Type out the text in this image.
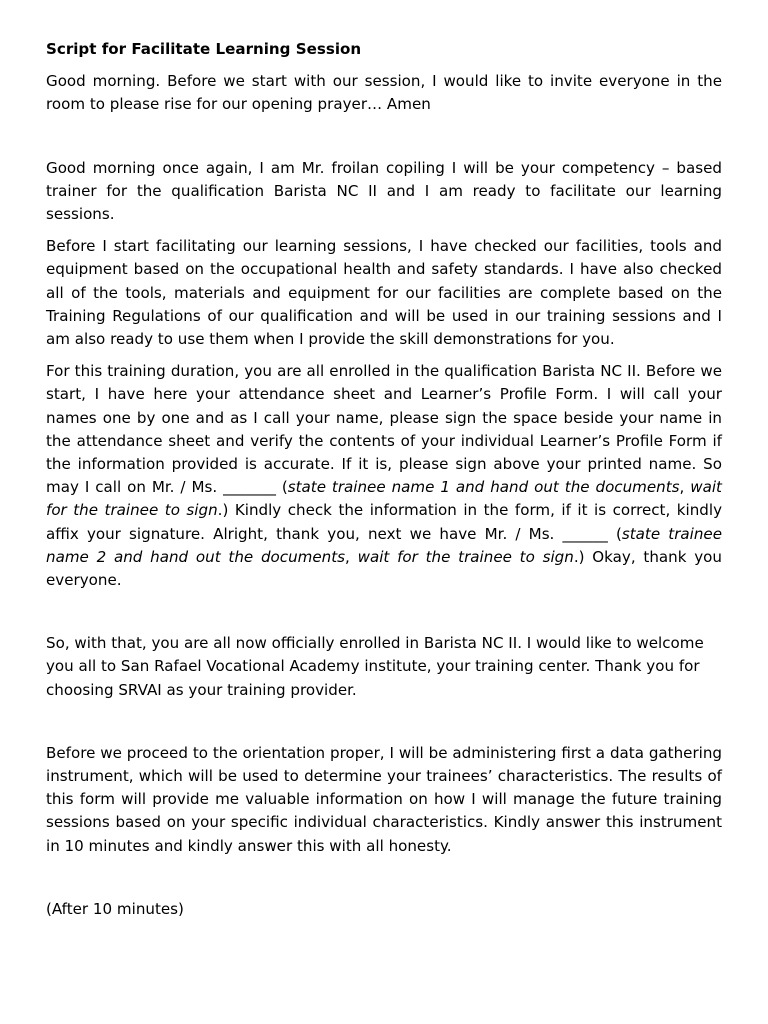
Script for Facilitate Learning Session

Good morning. Before we start with our session, I would like to invite everyone in the room to please rise for our opening prayer… Amen

Good morning once again, I am Mr. froilan copiling I will be your competency – based trainer for the qualification Barista NC II and I am ready to facilitate our learning sessions.

Before I start facilitating our learning sessions, I have checked our facilities, tools and equipment based on the occupational health and safety standards. I have also checked all of the tools, materials and equipment for our facilities are complete based on the Training Regulations of our qualification and will be used in our training sessions and I am also ready to use them when I provide the skill demonstrations for you.

For this training duration, you are all enrolled in the qualification Barista NC II. Before we start, I have here your attendance sheet and Learner’s Profile Form. I will call your names one by one and as I call your name, please sign the space beside your name in the attendance sheet and verify the contents of your individual Learner’s Profile Form if the information provided is accurate. If it is, please sign above your printed name. So may I call on Mr. / Ms. _______ (state trainee name 1 and hand out the documents, wait for the trainee to sign.) Kindly check the information in the form, if it is correct, kindly affix your signature. Alright, thank you, next we have Mr. / Ms. ______ (state trainee name 2 and hand out the documents, wait for the trainee to sign.) Okay, thank you everyone.

So, with that, you are all now officially enrolled in Barista NC II. I would like to welcome you all to San Rafael Vocational Academy institute, your training center. Thank you for choosing SRVAI as your training provider.

Before we proceed to the orientation proper, I will be administering first a data gathering instrument, which will be used to determine your trainees’ characteristics. The results of this form will provide me valuable information on how I will manage the future training sessions based on your specific individual characteristics. Kindly answer this instrument in 10 minutes and kindly answer this with all honesty.

(After 10 minutes)
